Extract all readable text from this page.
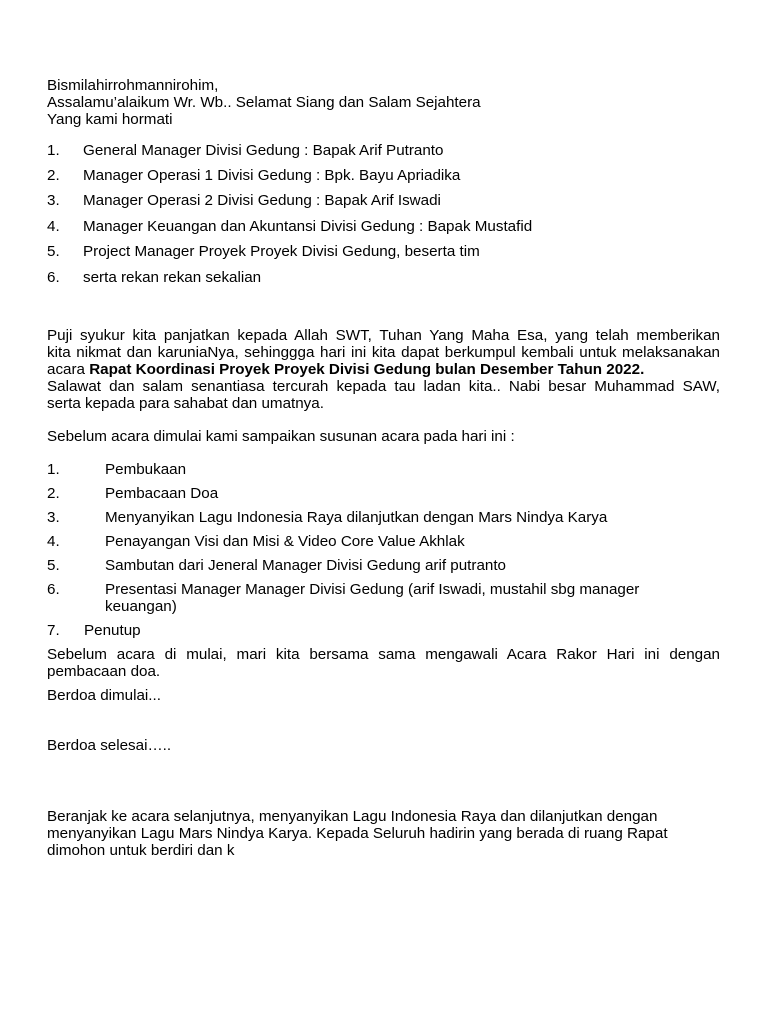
Bismilahirrohmannirohim,
Assalamu’alaikum Wr. Wb.. Selamat Siang dan Salam Sejahtera
Yang kami hormati
1. General Manager Divisi Gedung : Bapak Arif Putranto
2. Manager Operasi 1 Divisi Gedung : Bpk. Bayu Apriadika
3. Manager Operasi 2 Divisi Gedung : Bapak Arif Iswadi
4. Manager Keuangan dan Akuntansi Divisi Gedung : Bapak Mustafid
5. Project Manager Proyek Proyek Divisi Gedung, beserta tim
6. serta rekan rekan sekalian
Puji syukur kita panjatkan kepada Allah SWT, Tuhan Yang Maha Esa, yang telah memberikan
kita nikmat dan karuniaNya, sehinggga hari ini kita dapat berkumpul kembali untuk melaksanakan
acara Rapat Koordinasi Proyek Proyek Divisi Gedung bulan Desember Tahun 2022.
Salawat dan salam senantiasa tercurah kepada tau ladan kita.. Nabi besar Muhammad SAW,
serta kepada para sahabat dan umatnya.
Sebelum acara dimulai kami sampaikan susunan acara pada hari ini :
1.	Pembukaan
2.	Pembacaan Doa
3.	Menyanyikan Lagu Indonesia Raya dilanjutkan dengan Mars Nindya Karya
4.	Penayangan Visi dan Misi & Video Core Value Akhlak
5.	Sambutan dari Jeneral Manager Divisi Gedung arif putranto
6.	Presentasi Manager Manager Divisi Gedung (arif Iswadi, mustahil sbg manager
keuangan)
7. Penutup
Sebelum acara di mulai, mari kita bersama sama mengawali Acara Rakor Hari ini dengan
pembacaan doa.
Berdoa dimulai...
Berdoa selesai…..
Beranjak ke acara selanjutnya, menyanyikan Lagu Indonesia Raya dan dilanjutkan dengan
menyanyikan Lagu Mars Nindya Karya. Kepada Seluruh hadirin yang berada di ruang Rapat
dimohon untuk berdiri dan k
